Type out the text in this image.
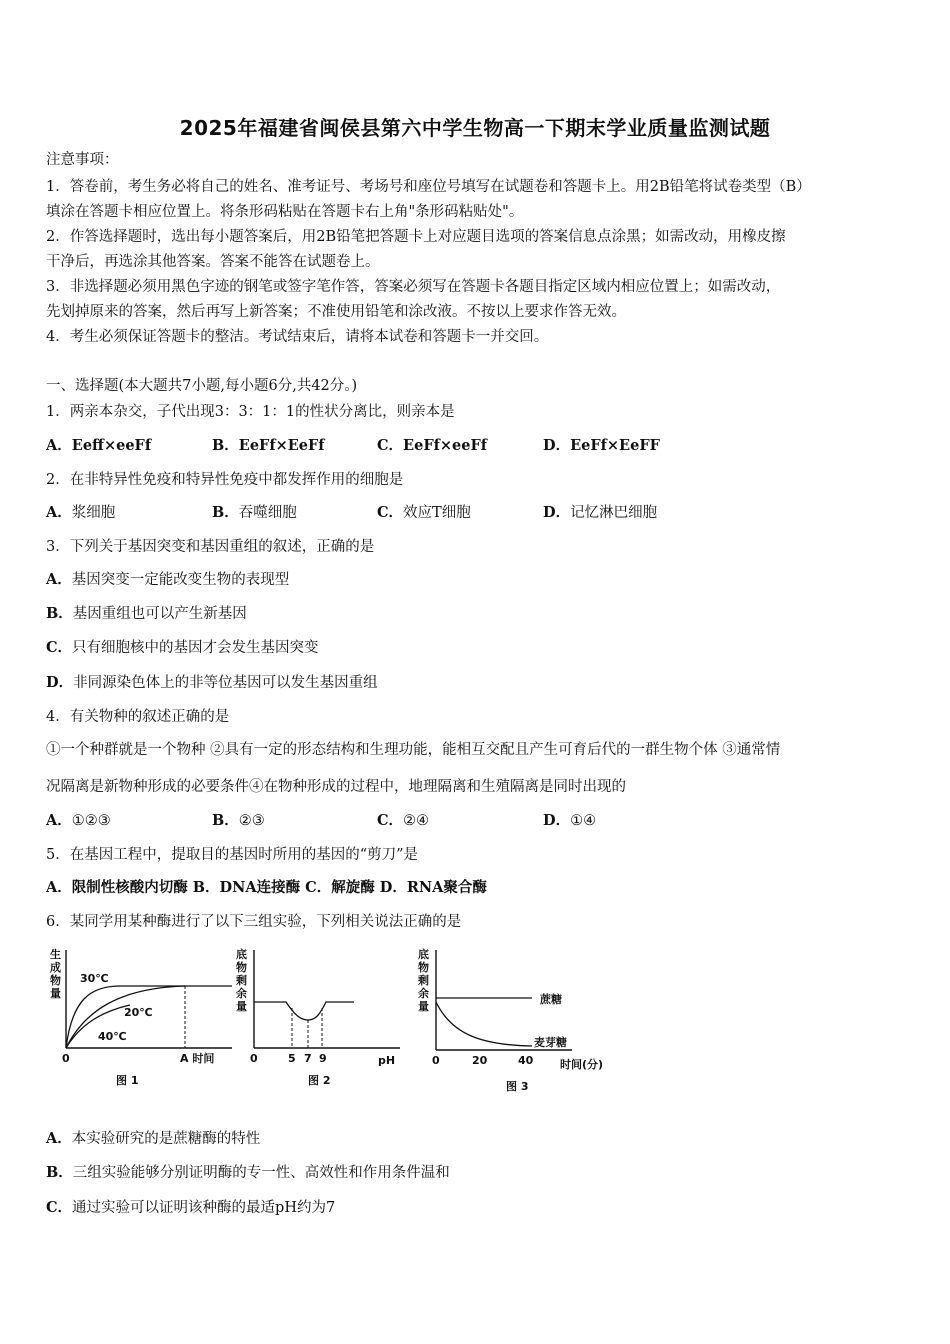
2025年福建省闽侯县第六中学生物高一下期末学业质量监测试题
注意事项：
1．答卷前，考生务必将自己的姓名、准考证号、考场号和座位号填写在试题卷和答题卡上。用2B铅笔将试卷类型（B）
填涂在答题卡相应位置上。将条形码粘贴在答题卡右上角"条形码粘贴处"。
2．作答选择题时，选出每小题答案后，用2B铅笔把答题卡上对应题目选项的答案信息点涂黑；如需改动，用橡皮擦
干净后，再选涂其他答案。答案不能答在试题卷上。
3．非选择题必须用黑色字迹的钢笔或签字笔作答，答案必须写在答题卡各题目指定区域内相应位置上；如需改动，
先划掉原来的答案，然后再写上新答案；不准使用铅笔和涂改液。不按以上要求作答无效。
4．考生必须保证答题卡的整洁。考试结束后，请将本试卷和答题卡一并交回。
一、选择题(本大题共7小题,每小题6分,共42分。)
1．两亲本杂交，子代出现3：3：1：1的性状分离比，则亲本是
A．Eeff×eeFf	B．EeFf×EeFf	C．EeFf×eeFf	D．EeFf×EeFF
2．在非特异性免疫和特异性免疫中都发挥作用的细胞是
A．浆细胞	B．吞噬细胞	C．效应T细胞	D．记忆淋巴细胞
3．下列关于基因突变和基因重组的叙述，正确的是
A．基因突变一定能改变生物的表现型
B．基因重组也可以产生新基因
C．只有细胞核中的基因才会发生基因突变
D．非同源染色体上的非等位基因可以发生基因重组
4．有关物种的叙述正确的是
①一个种群就是一个物种 ②具有一定的形态结构和生理功能，能相互交配且产生可育后代的一群生物个体 ③通常情
况隔离是新物种形成的必要条件④在物种形成的过程中，地理隔离和生殖隔离是同时出现的
A．①②③	B．②③	C．②④	D．①④
5．在基因工程中，提取目的基因时所用的基因的“剪刀”是
A．限制性核酸内切酶 B．DNA连接酶 C．解旋酶 D．RNA聚合酶
6．某同学用某种酶进行了以下三组实验，下列相关说法正确的是
生
成
物
量
30℃
20℃
40℃
0	A 时间
图 1
底
物
剩
余
量
0	5 7 9	pH
图 2
底
物
剩
余
量
蔗糖
麦芽糖
0	20	40 时间(分)
图 3
A．本实验研究的是蔗糖酶的特性
B．三组实验能够分别证明酶的专一性、高效性和作用条件温和
C．通过实验可以证明该种酶的最适pH约为7
